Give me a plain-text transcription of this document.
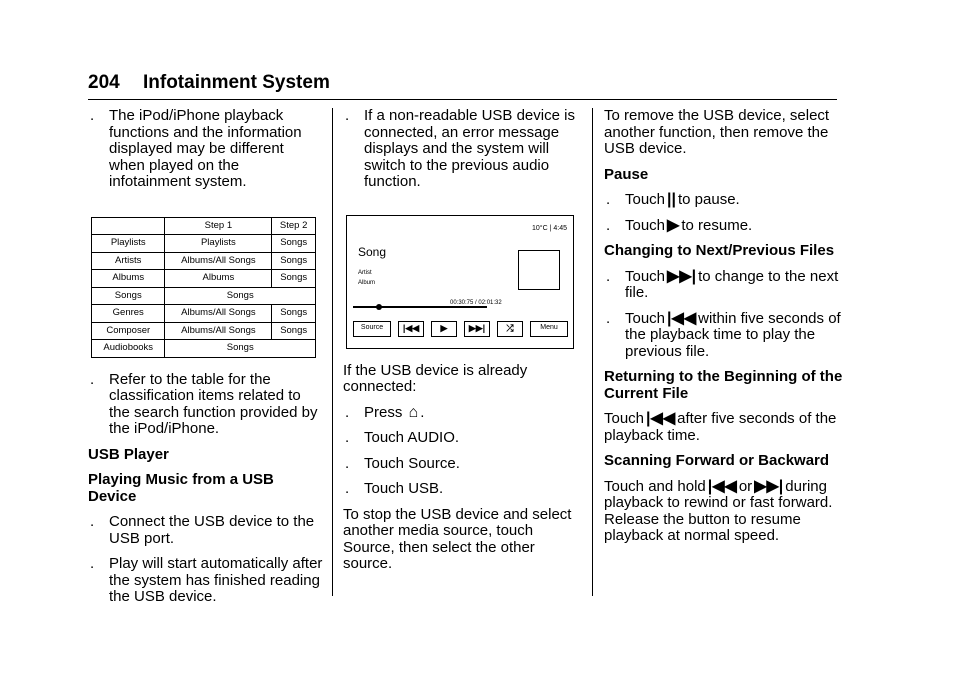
204 Infotainment System
. The iPod/iPhone playback functions and the information displayed may be different when played on the infotainment system.
	Step 1	Step 2
Playlists	Playlists	Songs
Artists	Albums/All Songs	Songs
Albums	Albums	Songs
Songs	Songs	
Genres	Albums/All Songs	Songs
Composer	Albums/All Songs	Songs
Audiobooks	Songs	
. Refer to the table for the classification items related to the search function provided by the iPod/iPhone.
USB Player
Playing Music from a USB Device
. Connect the USB device to the USB port.
. Play will start automatically after the system has finished reading the USB device.
. If a non-readable USB device is connected, an error message displays and the system will switch to the previous audio function.
10°C | 4:45
Song
Artist
Album
00:30:75 / 02:01:32
Source	|◀◀	▶	▶▶|	⤮	Menu
If the USB device is already connected:
. Press ⌂ .
. Touch AUDIO.
. Touch Source.
. Touch USB.
To stop the USB device and select another media source, touch Source, then select the other source.
To remove the USB device, select another function, then remove the USB device.
Pause
. Touch || to pause.
. Touch ▶ to resume.
Changing to Next/Previous Files
. Touch ▶▶| to change to the next file.
. Touch |◀◀ within five seconds of the playback time to play the previous file.
Returning to the Beginning of the Current File
Touch |◀◀ after five seconds of the playback time.
Scanning Forward or Backward
Touch and hold |◀◀ or ▶▶| during playback to rewind or fast forward. Release the button to resume playback at normal speed.
